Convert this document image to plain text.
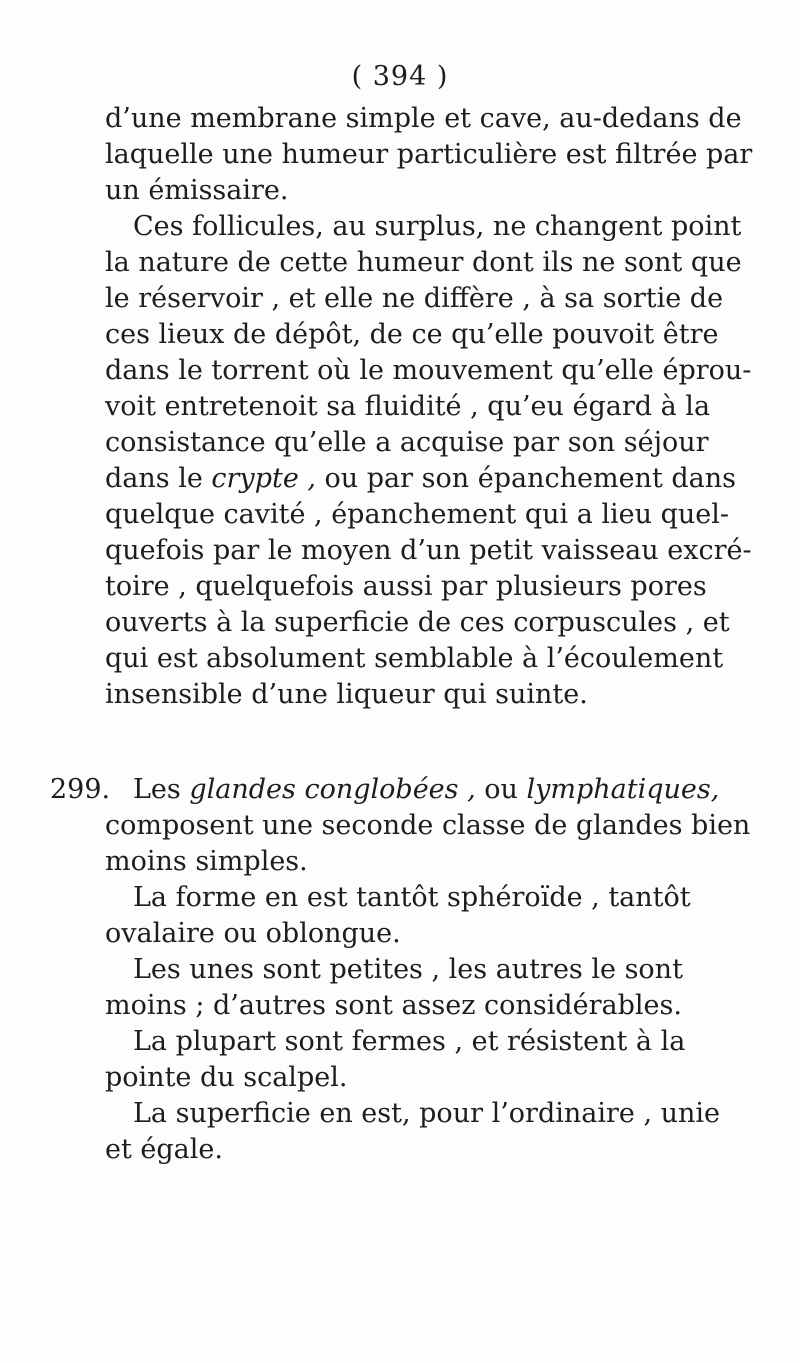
( 394 )
299.
d’une membrane simple et cave, au-dedans de
laquelle une humeur particulière est filtrée par
un émissaire.
Ces follicules, au surplus, ne changent point
la nature de cette humeur dont ils ne sont que
le réservoir , et elle ne diffère , à sa sortie de
ces lieux de dépôt, de ce qu’elle pouvoit être
dans le torrent où le mouvement qu’elle éprou-
voit entretenoit sa fluidité , qu’eu égard à la
consistance qu’elle a acquise par son séjour
dans le crypte , ou par son épanchement dans
quelque cavité , épanchement qui a lieu quel-
quefois par le moyen d’un petit vaisseau excré-
toire , quelquefois aussi par plusieurs pores
ouverts à la superficie de ces corpuscules , et
qui est absolument semblable à l’écoulement
insensible d’une liqueur qui suinte.
Les glandes conglobées , ou lymphatiques,
composent une seconde classe de glandes bien
moins simples.
La forme en est tantôt sphéroïde , tantôt
ovalaire ou oblongue.
Les unes sont petites , les autres le sont
moins ; d’autres sont assez considérables.
La plupart sont fermes , et résistent à la
pointe du scalpel.
La superficie en est, pour l’ordinaire , unie
et égale.
